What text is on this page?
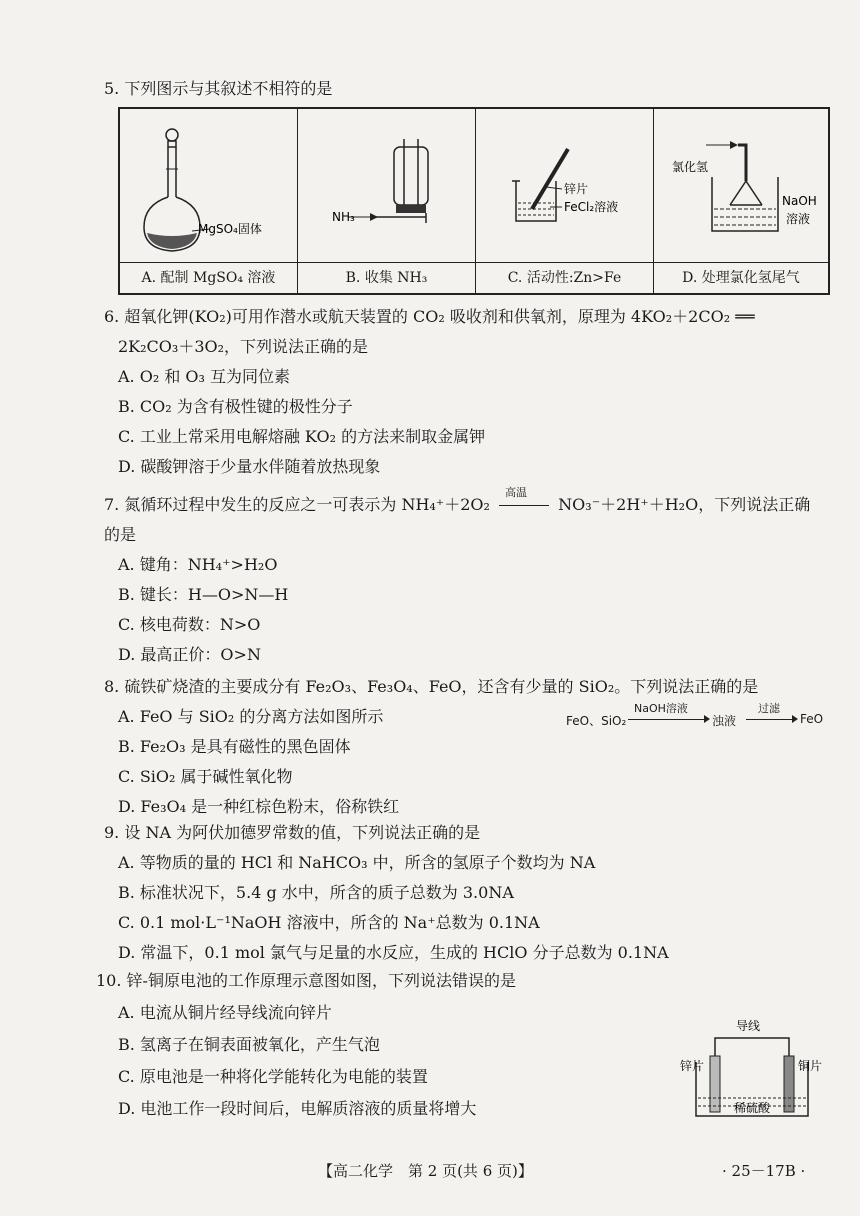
5. 下列图示与其叙述不相符的是
MgSO₄固体
A. 配制 MgSO₄ 溶液
NH₃
B. 收集 NH₃
锌片
FeCl₂溶液
C. 活动性:Zn>Fe
氯化氢
NaOH
溶液
D. 处理氯化氢尾气
6. 超氧化钾(KO₂)可用作潜水或航天装置的 CO₂ 吸收剂和供氧剂，原理为 4KO₂＋2CO₂ ══
2K₂CO₃＋3O₂，下列说法正确的是
A. O₂ 和 O₃ 互为同位素
B. CO₂ 为含有极性键的极性分子
C. 工业上常采用电解熔融 KO₂ 的方法来制取金属钾
D. 碳酸钾溶于少量水伴随着放热现象
7. 氮循环过程中发生的反应之一可表示为 NH₄⁺＋2O₂
高温
NO₃⁻＋2H⁺＋H₂O，下列说法正确
的是
A. 键角：NH₄⁺>H₂O
B. 键长：H—O>N—H
C. 核电荷数：N>O
D. 最高正价：O>N
8. 硫铁矿烧渣的主要成分有 Fe₂O₃、Fe₃O₄、FeO，还含有少量的 SiO₂。下列说法正确的是
A. FeO 与 SiO₂ 的分离方法如图所示
B. Fe₂O₃ 是具有磁性的黑色固体
C. SiO₂ 属于碱性氧化物
D. Fe₃O₄ 是一种红棕色粉末，俗称铁红
FeO、SiO₂
NaOH溶液
浊液
过滤
FeO
9. 设 NA 为阿伏加德罗常数的值，下列说法正确的是
A. 等物质的量的 HCl 和 NaHCO₃ 中，所含的氢原子个数均为 NA
B. 标准状况下，5.4 g 水中，所含的质子总数为 3.0NA
C. 0.1 mol·L⁻¹NaOH 溶液中，所含的 Na⁺总数为 0.1NA
D. 常温下，0.1 mol 氯气与足量的水反应，生成的 HClO 分子总数为 0.1NA
10. 锌-铜原电池的工作原理示意图如图，下列说法错误的是
A. 电流从铜片经导线流向锌片
B. 氢离子在铜表面被氧化，产生气泡
C. 原电池是一种将化学能转化为电能的装置
D. 电池工作一段时间后，电解质溶液的质量将增大
导线
锌片	铜片
稀硫酸
【高二化学　第 2 页(共 6 页)】	· 25－17B ·
